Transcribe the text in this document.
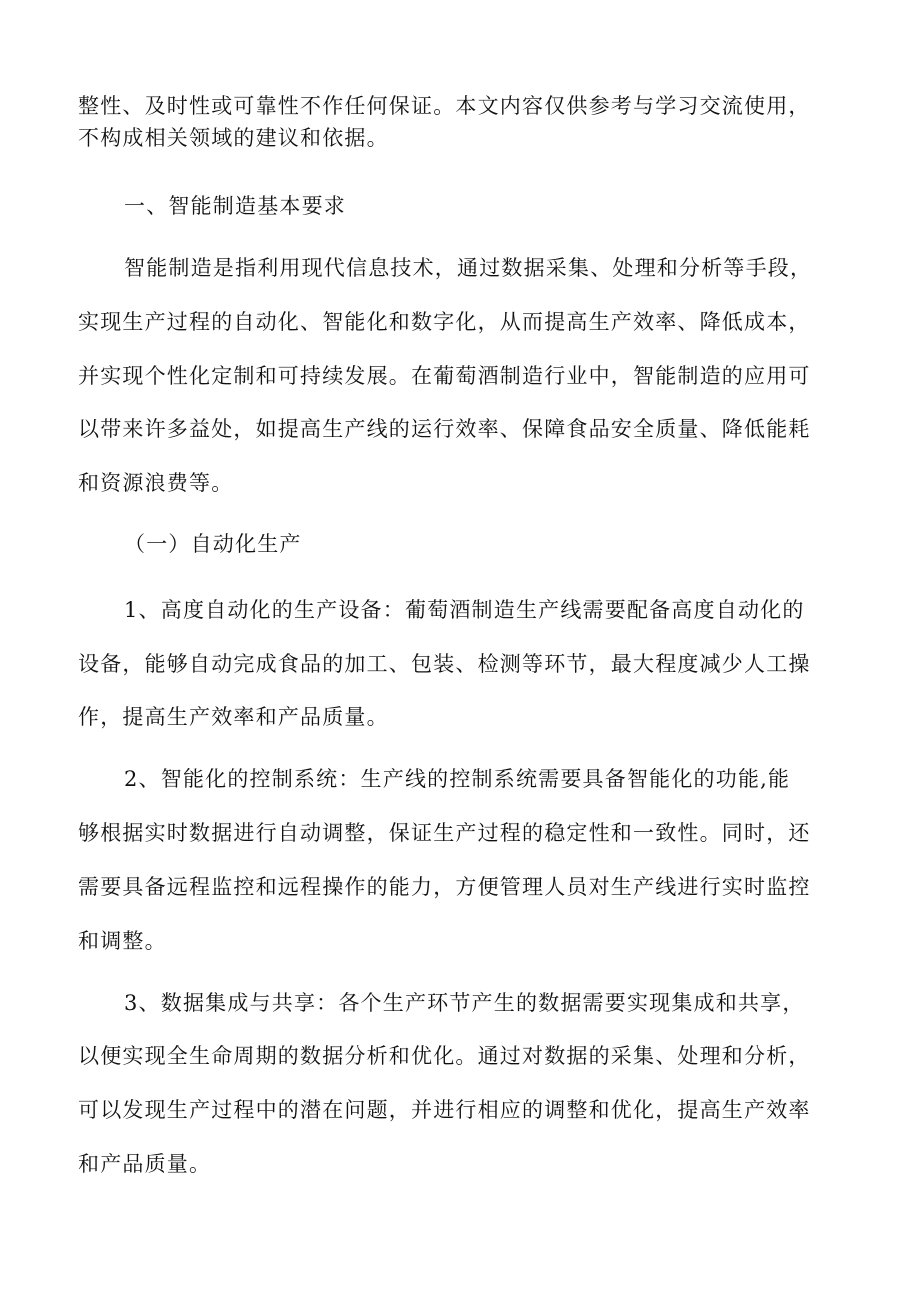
整性、及时性或可靠性不作任何保证。本文内容仅供参考与学习交流使用，
不构成相关领域的建议和依据。
一、智能制造基本要求
智能制造是指利用现代信息技术，通过数据采集、处理和分析等手段，
实现生产过程的自动化、智能化和数字化，从而提高生产效率、降低成本，
并实现个性化定制和可持续发展。在葡萄酒制造行业中，智能制造的应用可
以带来许多益处，如提高生产线的运行效率、保障食品安全质量、降低能耗
和资源浪费等。
（一）自动化生产
1、高度自动化的生产设备：葡萄酒制造生产线需要配备高度自动化的
设备，能够自动完成食品的加工、包装、检测等环节，最大程度减少人工操
作，提高生产效率和产品质量。
2、智能化的控制系统：生产线的控制系统需要具备智能化的功能,能
够根据实时数据进行自动调整，保证生产过程的稳定性和一致性。同时，还
需要具备远程监控和远程操作的能力，方便管理人员对生产线进行实时监控
和调整。
3、数据集成与共享：各个生产环节产生的数据需要实现集成和共享，
以便实现全生命周期的数据分析和优化。通过对数据的采集、处理和分析，
可以发现生产过程中的潜在问题，并进行相应的调整和优化，提高生产效率
和产品质量。
